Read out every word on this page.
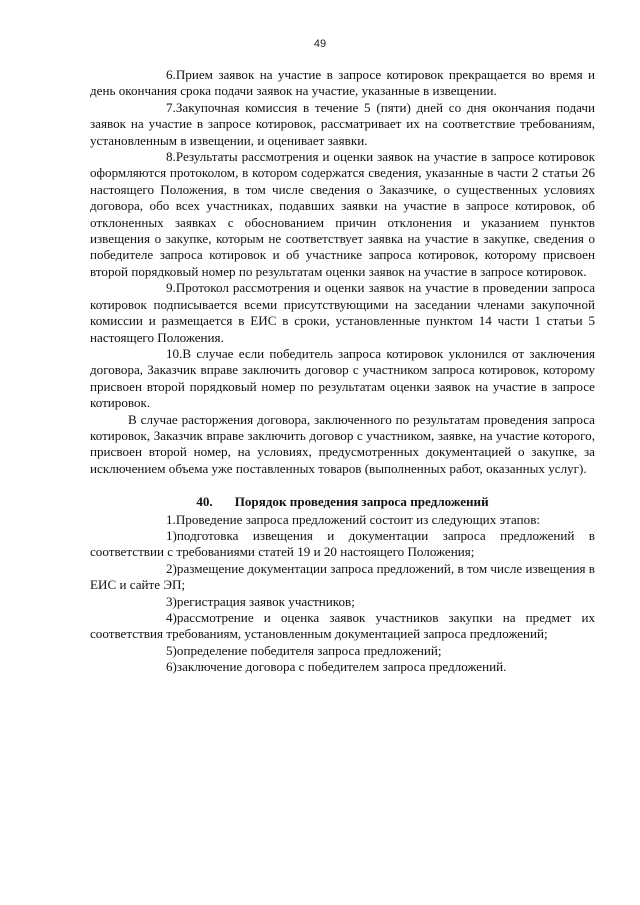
49

6.Прием заявок на участие в запросе котировок прекращается во время и день окончания срока подачи заявок на участие, указанные в извещении.

7.Закупочная комиссия в течение 5 (пяти) дней со дня окончания подачи заявок на участие в запросе котировок, рассматривает их на соответствие требованиям, установленным в извещении, и оценивает заявки.

8.Результаты рассмотрения и оценки заявок на участие в запросе котировок оформляются протоколом, в котором содержатся сведения, указанные в части 2 статьи 26 настоящего Положения, в том числе сведения о Заказчике, о существенных условиях договора, обо всех участниках, подавших заявки на участие в запросе котировок, об отклоненных заявках с обоснованием причин отклонения и указанием пунктов извещения о закупке, которым не соответствует заявка на участие в закупке, сведения о победителе запроса котировок и об участнике запроса котировок, которому присвоен второй порядковый номер по результатам оценки заявок на участие в запросе котировок.

9.Протокол рассмотрения и оценки заявок на участие в проведении запроса котировок подписывается всеми присутствующими на заседании членами закупочной комиссии и размещается в ЕИС в сроки, установленные пунктом 14 части 1 статьи 5 настоящего Положения.

10.В случае если победитель запроса котировок уклонился от заключения договора, Заказчик вправе заключить договор с участником запроса котировок, которому присвоен второй порядковый номер по результатам оценки заявок на участие в запросе котировок.

В случае расторжения договора, заключенного по результатам проведения запроса котировок, Заказчик вправе заключить договор с участником, заявке, на участие которого, присвоен второй номер, на условиях, предусмотренных документацией о закупке, за исключением объема уже поставленных товаров (выполненных работ, оказанных услуг).

40. Порядок проведения запроса предложений

1.Проведение запроса предложений состоит из следующих этапов:

1)подготовка извещения и документации запроса предложений в соответствии с требованиями статей 19 и 20 настоящего Положения;

2)размещение документации запроса предложений, в том числе извещения в ЕИС и сайте ЭП;

3)регистрация заявок участников;

4)рассмотрение и оценка заявок участников закупки на предмет их соответствия требованиям, установленным документацией запроса предложений;

5)определение победителя запроса предложений;

6)заключение договора с победителем запроса предложений.
